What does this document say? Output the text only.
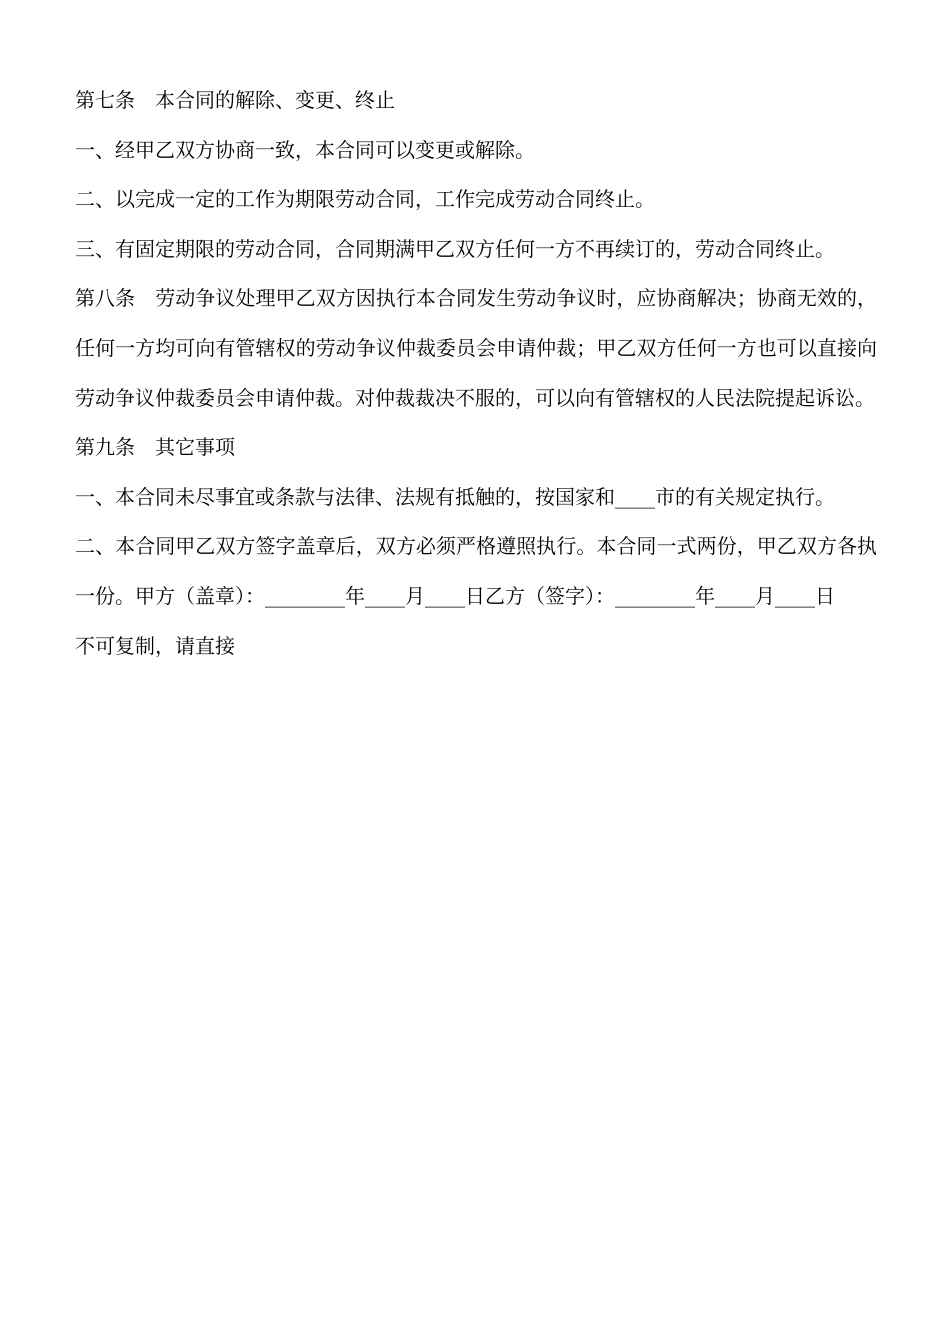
第七条　本合同的解除、变更、终止

一、经甲乙双方协商一致，本合同可以变更或解除。

二、以完成一定的工作为期限劳动合同，工作完成劳动合同终止。

三、有固定期限的劳动合同，合同期满甲乙双方任何一方不再续订的，劳动合同终止。

第八条　劳动争议处理甲乙双方因执行本合同发生劳动争议时，应协商解决；协商无效的，任何一方均可向有管辖权的劳动争议仲裁委员会申请仲裁；甲乙双方任何一方也可以直接向劳动争议仲裁委员会申请仲裁。对仲裁裁决不服的，可以向有管辖权的人民法院提起诉讼。

第九条　其它事项

一、本合同未尽事宜或条款与法律、法规有抵触的，按国家和____市的有关规定执行。

二、本合同甲乙双方签字盖章后，双方必须严格遵照执行。本合同一式两份，甲乙双方各执一份。甲方（盖章）：________年____月____日乙方（签字）：________年____月____日

不可复制，请直接
